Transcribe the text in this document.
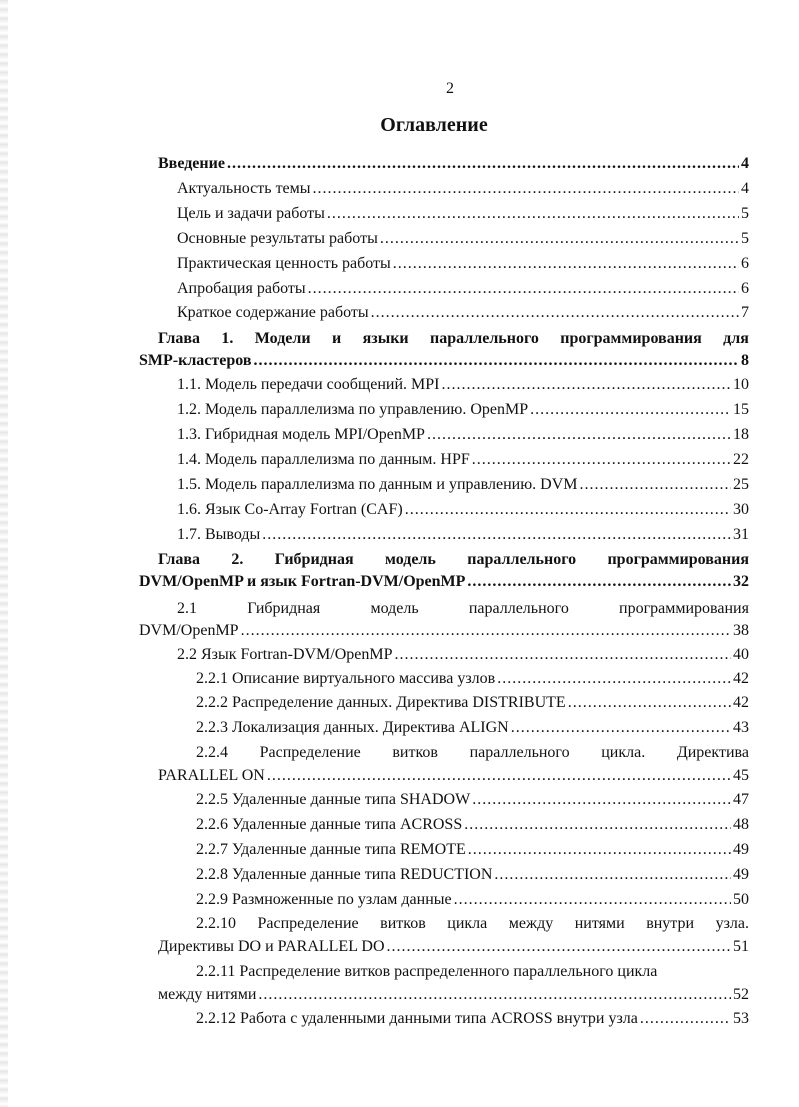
2
Оглавление
Введение .....	4
Актуальность темы .....	4
Цель и задачи работы .....	5
Основные результаты работы .....	5
Практическая ценность работы .....	6
Апробация работы .....	6
Краткое содержание работы .....	7
Глава 1. Модели и языки параллельного программирования для
SMP-кластеров .....	8
1.1. Модель передачи сообщений. MPI .....	10
1.2. Модель параллелизма по управлению. OpenMP .....	15
1.3. Гибридная модель MPI/OpenMP .....	18
1.4. Модель параллелизма по данным. HPF .....	22
1.5. Модель параллелизма по данным и управлению. DVM .....	25
1.6. Язык Co-Array Fortran (CAF) .....	30
1.7. Выводы .....	31
Глава 2. Гибридная модель параллельного программирования
DVM/OpenMP и язык Fortran-DVM/OpenMP .....	32
2.1	Гибридная	модель	параллельного	программирования
DVM/OpenMP .....	38
2.2 Язык Fortran-DVM/OpenMP .....	40
2.2.1 Описание виртуального массива узлов .....	42
2.2.2 Распределение данных. Директива DISTRIBUTE .....	42
2.2.3 Локализация данных. Директива ALIGN .....	43
2.2.4 Распределение витков параллельного цикла. Директива
PARALLEL ON .....	45
2.2.5 Удаленные данные типа SHADOW .....	47
2.2.6 Удаленные данные типа ACROSS .....	48
2.2.7 Удаленные данные типа REMOTE .....	49
2.2.8 Удаленные данные типа REDUCTION .....	49
2.2.9 Размноженные по узлам данные .....	50
2.2.10 Распределение витков цикла между нитями внутри узла.
Директивы DO и PARALLEL DO .....	51
2.2.11 Распределение витков распределенного параллельного цикла
между нитями .....	52
2.2.12 Работа с удаленными данными типа ACROSS внутри узла .....	53
